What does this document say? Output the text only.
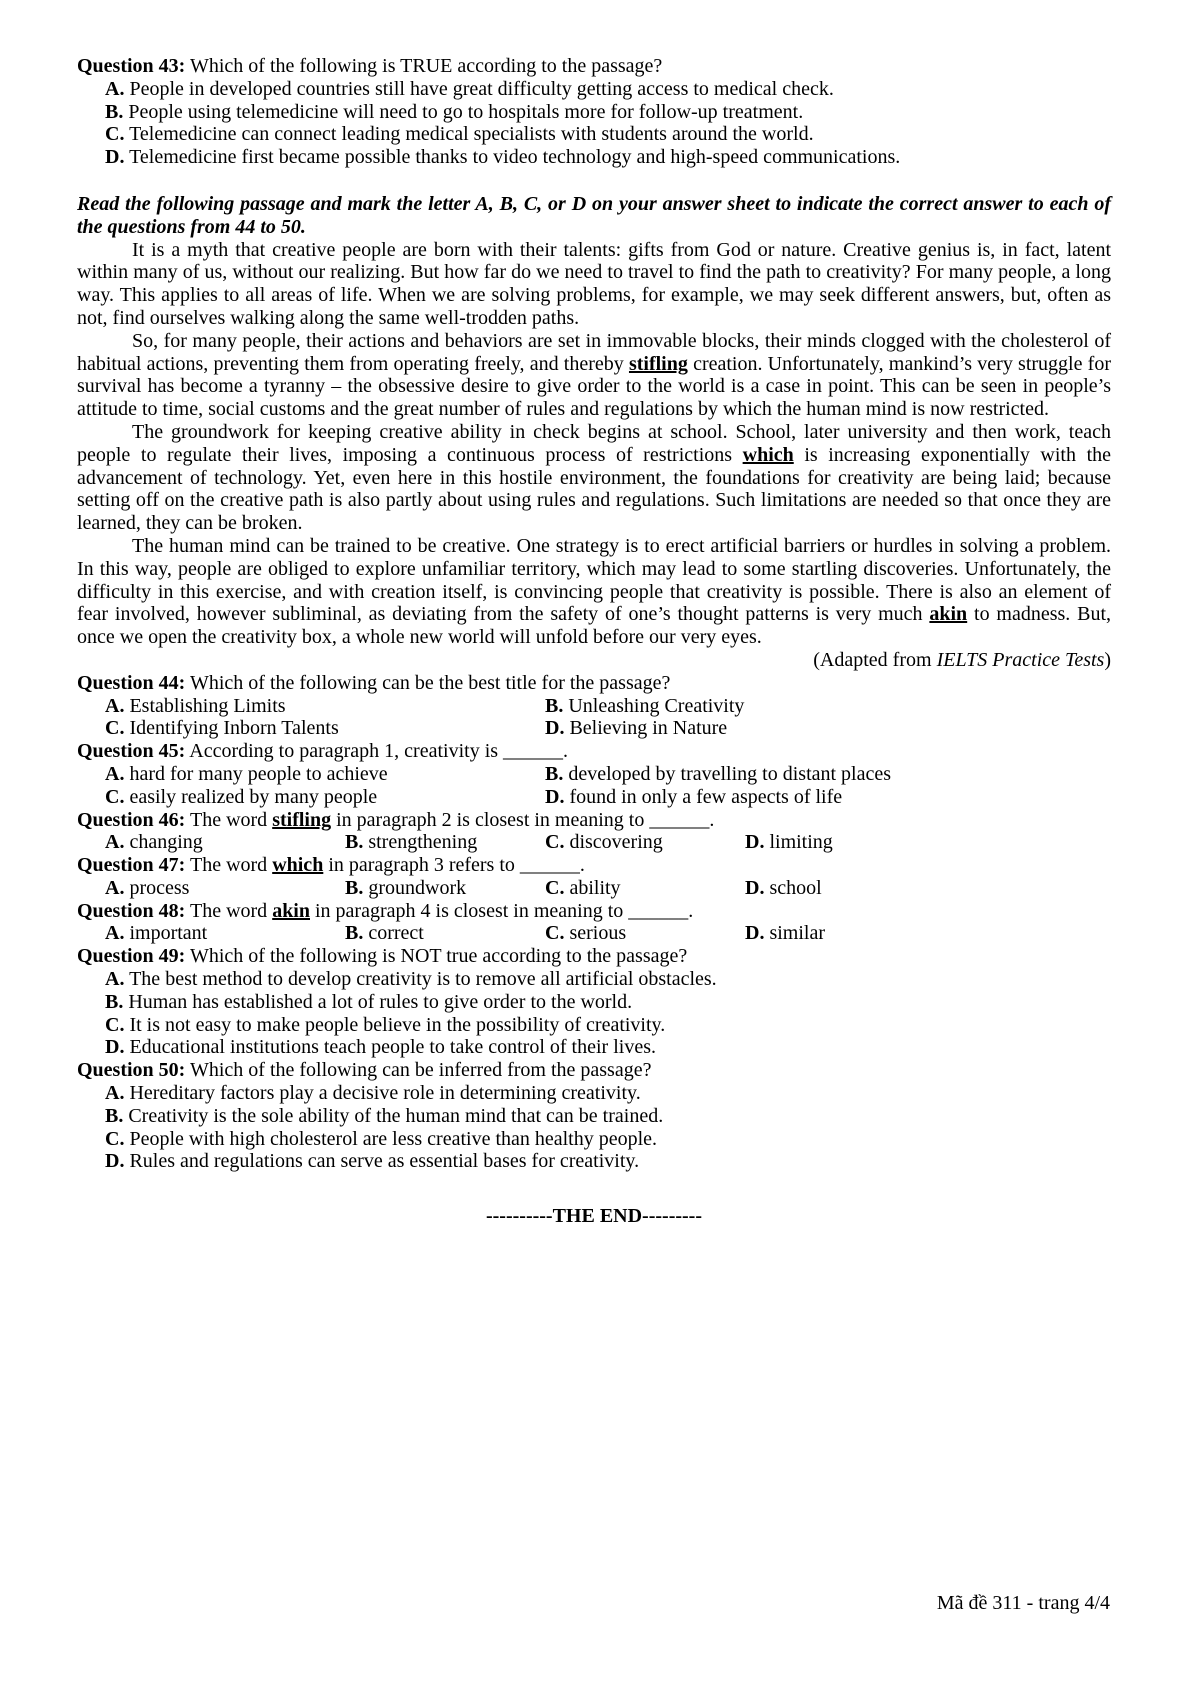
Question 43: Which of the following is TRUE according to the passage?
A. People in developed countries still have great difficulty getting access to medical check.
B. People using telemedicine will need to go to hospitals more for follow-up treatment.
C. Telemedicine can connect leading medical specialists with students around the world.
D. Telemedicine first became possible thanks to video technology and high-speed communications.
Read the following passage and mark the letter A, B, C, or D on your answer sheet to indicate the correct answer to each of the questions from 44 to 50.
It is a myth that creative people are born with their talents: gifts from God or nature. Creative genius is, in fact, latent within many of us, without our realizing. But how far do we need to travel to find the path to creativity? For many people, a long way. This applies to all areas of life. When we are solving problems, for example, we may seek different answers, but, often as not, find ourselves walking along the same well-trodden paths.
So, for many people, their actions and behaviors are set in immovable blocks, their minds clogged with the cholesterol of habitual actions, preventing them from operating freely, and thereby stifling creation. Unfortunately, mankind’s very struggle for survival has become a tyranny – the obsessive desire to give order to the world is a case in point. This can be seen in people’s attitude to time, social customs and the great number of rules and regulations by which the human mind is now restricted.
The groundwork for keeping creative ability in check begins at school. School, later university and then work, teach people to regulate their lives, imposing a continuous process of restrictions which is increasing exponentially with the advancement of technology. Yet, even here in this hostile environment, the foundations for creativity are being laid; because setting off on the creative path is also partly about using rules and regulations. Such limitations are needed so that once they are learned, they can be broken.
The human mind can be trained to be creative. One strategy is to erect artificial barriers or hurdles in solving a problem. In this way, people are obliged to explore unfamiliar territory, which may lead to some startling discoveries. Unfortunately, the difficulty in this exercise, and with creation itself, is convincing people that creativity is possible. There is also an element of fear involved, however subliminal, as deviating from the safety of one’s thought patterns is very much akin to madness. But, once we open the creativity box, a whole new world will unfold before our very eyes.
(Adapted from IELTS Practice Tests)
Question 44: Which of the following can be the best title for the passage?
A. Establishing Limits	B. Unleashing Creativity
C. Identifying Inborn Talents	D. Believing in Nature
Question 45: According to paragraph 1, creativity is ______.
A. hard for many people to achieve	B. developed by travelling to distant places
C. easily realized by many people	D. found in only a few aspects of life
Question 46: The word stifling in paragraph 2 is closest in meaning to ______.
A. changing	B. strengthening	C. discovering	D. limiting
Question 47: The word which in paragraph 3 refers to ______.
A. process	B. groundwork	C. ability	D. school
Question 48: The word akin in paragraph 4 is closest in meaning to ______.
A. important	B. correct	C. serious	D. similar
Question 49: Which of the following is NOT true according to the passage?
A. The best method to develop creativity is to remove all artificial obstacles.
B. Human has established a lot of rules to give order to the world.
C. It is not easy to make people believe in the possibility of creativity.
D. Educational institutions teach people to take control of their lives.
Question 50: Which of the following can be inferred from the passage?
A. Hereditary factors play a decisive role in determining creativity.
B. Creativity is the sole ability of the human mind that can be trained.
C. People with high cholesterol are less creative than healthy people.
D. Rules and regulations can serve as essential bases for creativity.
----------THE END---------
Mã đề 311 - trang 4/4
